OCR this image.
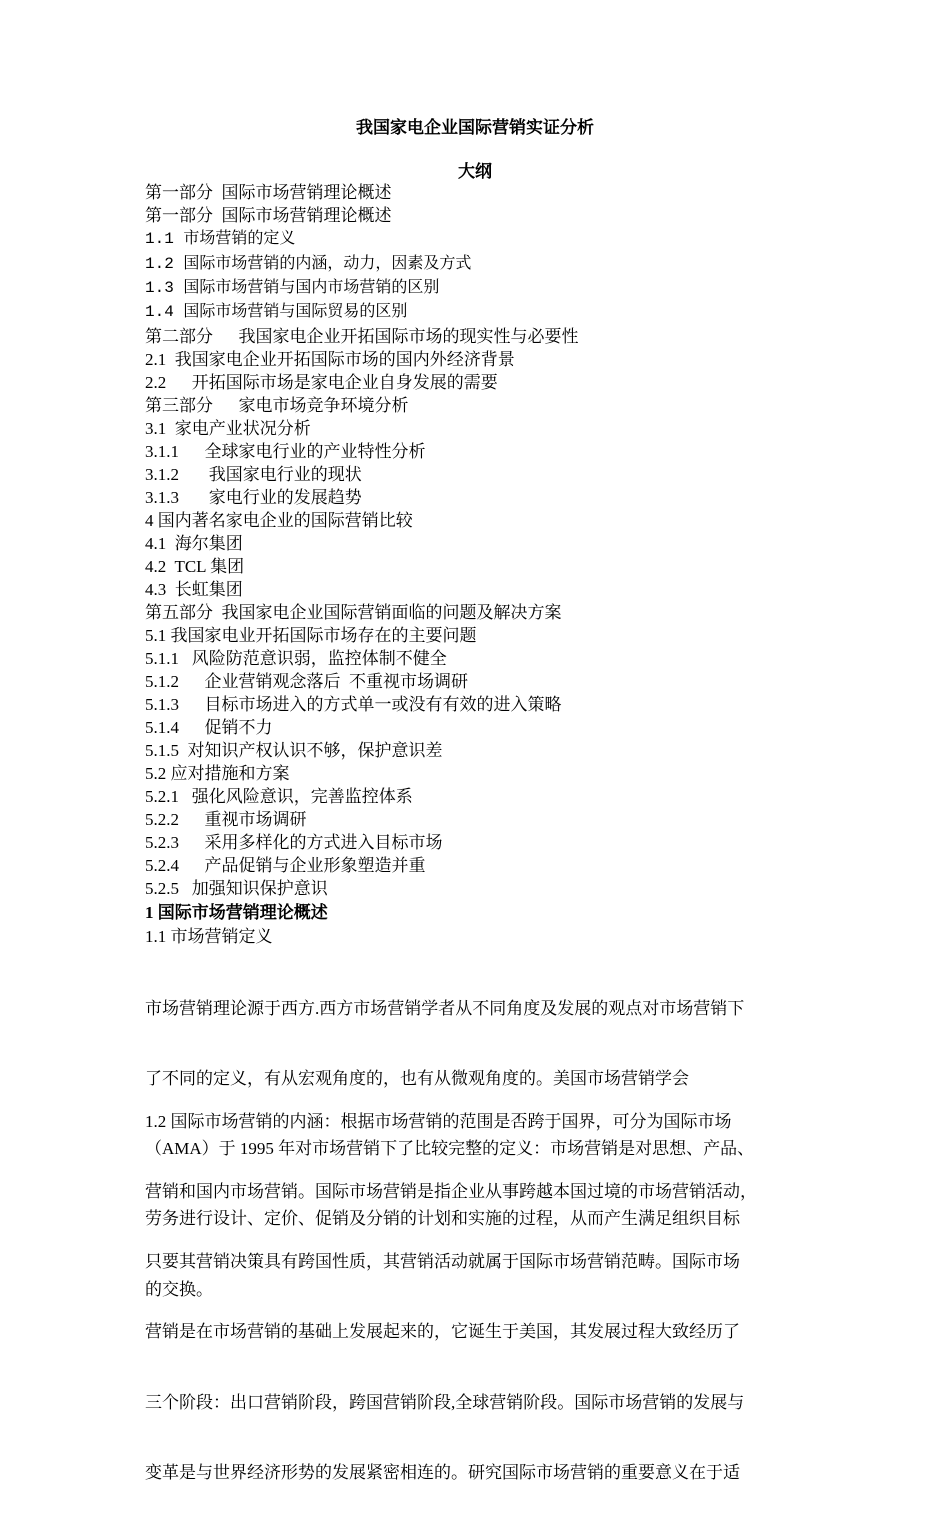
我国家电企业国际营销实证分析
大纲
第一部分  国际市场营销理论概述
第一部分  国际市场营销理论概述
1.1 市场营销的定义
1.2 国际市场营销的内涵，动力，因素及方式
1.3 国际市场营销与国内市场营销的区别
1.4 国际市场营销与国际贸易的区别
第二部分      我国家电企业开拓国际市场的现实性与必要性
2.1  我国家电企业开拓国际市场的国内外经济背景
2.2      开拓国际市场是家电企业自身发展的需要
第三部分      家电市场竞争环境分析
3.1  家电产业状况分析
3.1.1      全球家电行业的产业特性分析
3.1.2       我国家电行业的现状
3.1.3       家电行业的发展趋势
4 国内著名家电企业的国际营销比较
4.1  海尔集团
4.2  TCL 集团
4.3  长虹集团
第五部分  我国家电企业国际营销面临的问题及解决方案
5.1 我国家电业开拓国际市场存在的主要问题
5.1.1   风险防范意识弱，监控体制不健全
5.1.2      企业营销观念落后  不重视市场调研
5.1.3      目标市场进入的方式单一或没有有效的进入策略
5.1.4      促销不力
5.1.5  对知识产权认识不够，保护意识差
5.2 应对措施和方案
5.2.1   强化风险意识，完善监控体系
5.2.2      重视市场调研
5.2.3      采用多样化的方式进入目标市场
5.2.4      产品促销与企业形象塑造并重
5.2.5   加强知识保护意识
1 国际市场营销理论概述
1.1 市场营销定义

市场营销理论源于西方.西方市场营销学者从不同角度及发展的观点对市场营销下

了不同的定义，有从宏观角度的，也有从微观角度的。美国市场营销学会

（AMA）于 1995 年对市场营销下了比较完整的定义：市场营销是对思想、产品、

劳务进行设计、定价、促销及分销的计划和实施的过程，从而产生满足组织目标

的交换。

1.2 国际市场营销的内涵：根据市场营销的范围是否跨于国界，可分为国际市场

营销和国内市场营销。国际市场营销是指企业从事跨越本国过境的市场营销活动，

只要其营销决策具有跨国性质，其营销活动就属于国际市场营销范畴。国际市场

营销是在市场营销的基础上发展起来的，它诞生于美国，其发展过程大致经历了

三个阶段：出口营销阶段，跨国营销阶段,全球营销阶段。国际市场营销的发展与

变革是与世界经济形势的发展紧密相连的。研究国际市场营销的重要意义在于适
